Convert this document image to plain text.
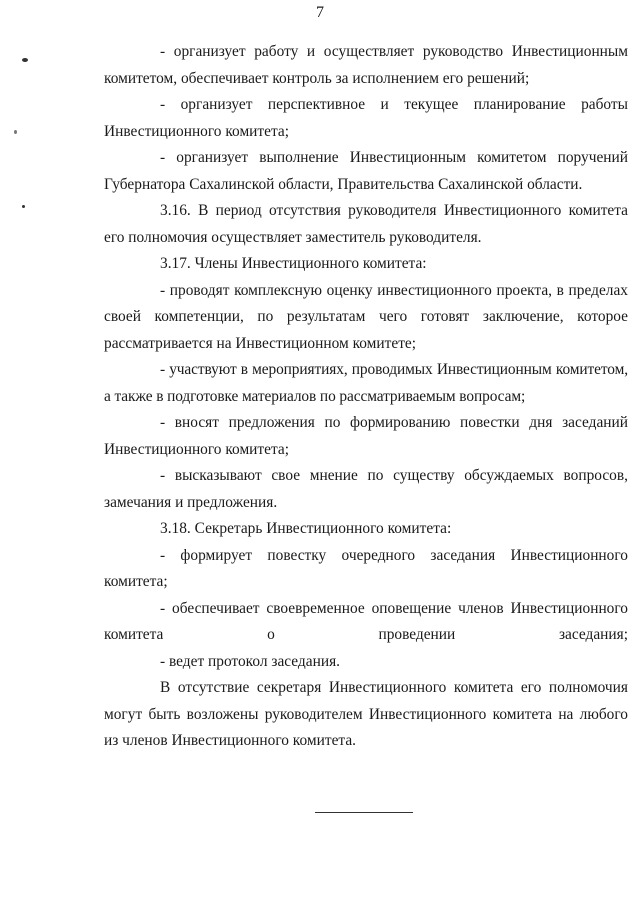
7

- организует работу и осуществляет руководство Инвестиционным комитетом, обеспечивает контроль за исполнением его решений;

- организует перспективное и текущее планирование работы Инвестиционного комитета;

- организует выполнение Инвестиционным комитетом поручений Губернатора Сахалинской области, Правительства Сахалинской области.

3.16. В период отсутствия руководителя Инвестиционного комитета его полномочия осуществляет заместитель руководителя.

3.17. Члены Инвестиционного комитета:

- проводят комплексную оценку инвестиционного проекта, в пределах своей компетенции, по результатам чего готовят заключение, которое рассматривается на Инвестиционном комитете;

- участвуют в мероприятиях, проводимых Инвестиционным комитетом, а также в подготовке материалов по рассматриваемым вопросам;

- вносят предложения по формированию повестки дня заседаний Инвестиционного комитета;

- высказывают свое мнение по существу обсуждаемых вопросов, замечания и предложения.

3.18. Секретарь Инвестиционного комитета:

- формирует повестку очередного заседания Инвестиционного комитета;

- обеспечивает своевременное оповещение членов Инвестиционного комитета о проведении заседания;

- ведет протокол заседания.

В отсутствие секретаря Инвестиционного комитета его полномочия могут быть возложены руководителем Инвестиционного комитета на любого из членов Инвестиционного комитета.
